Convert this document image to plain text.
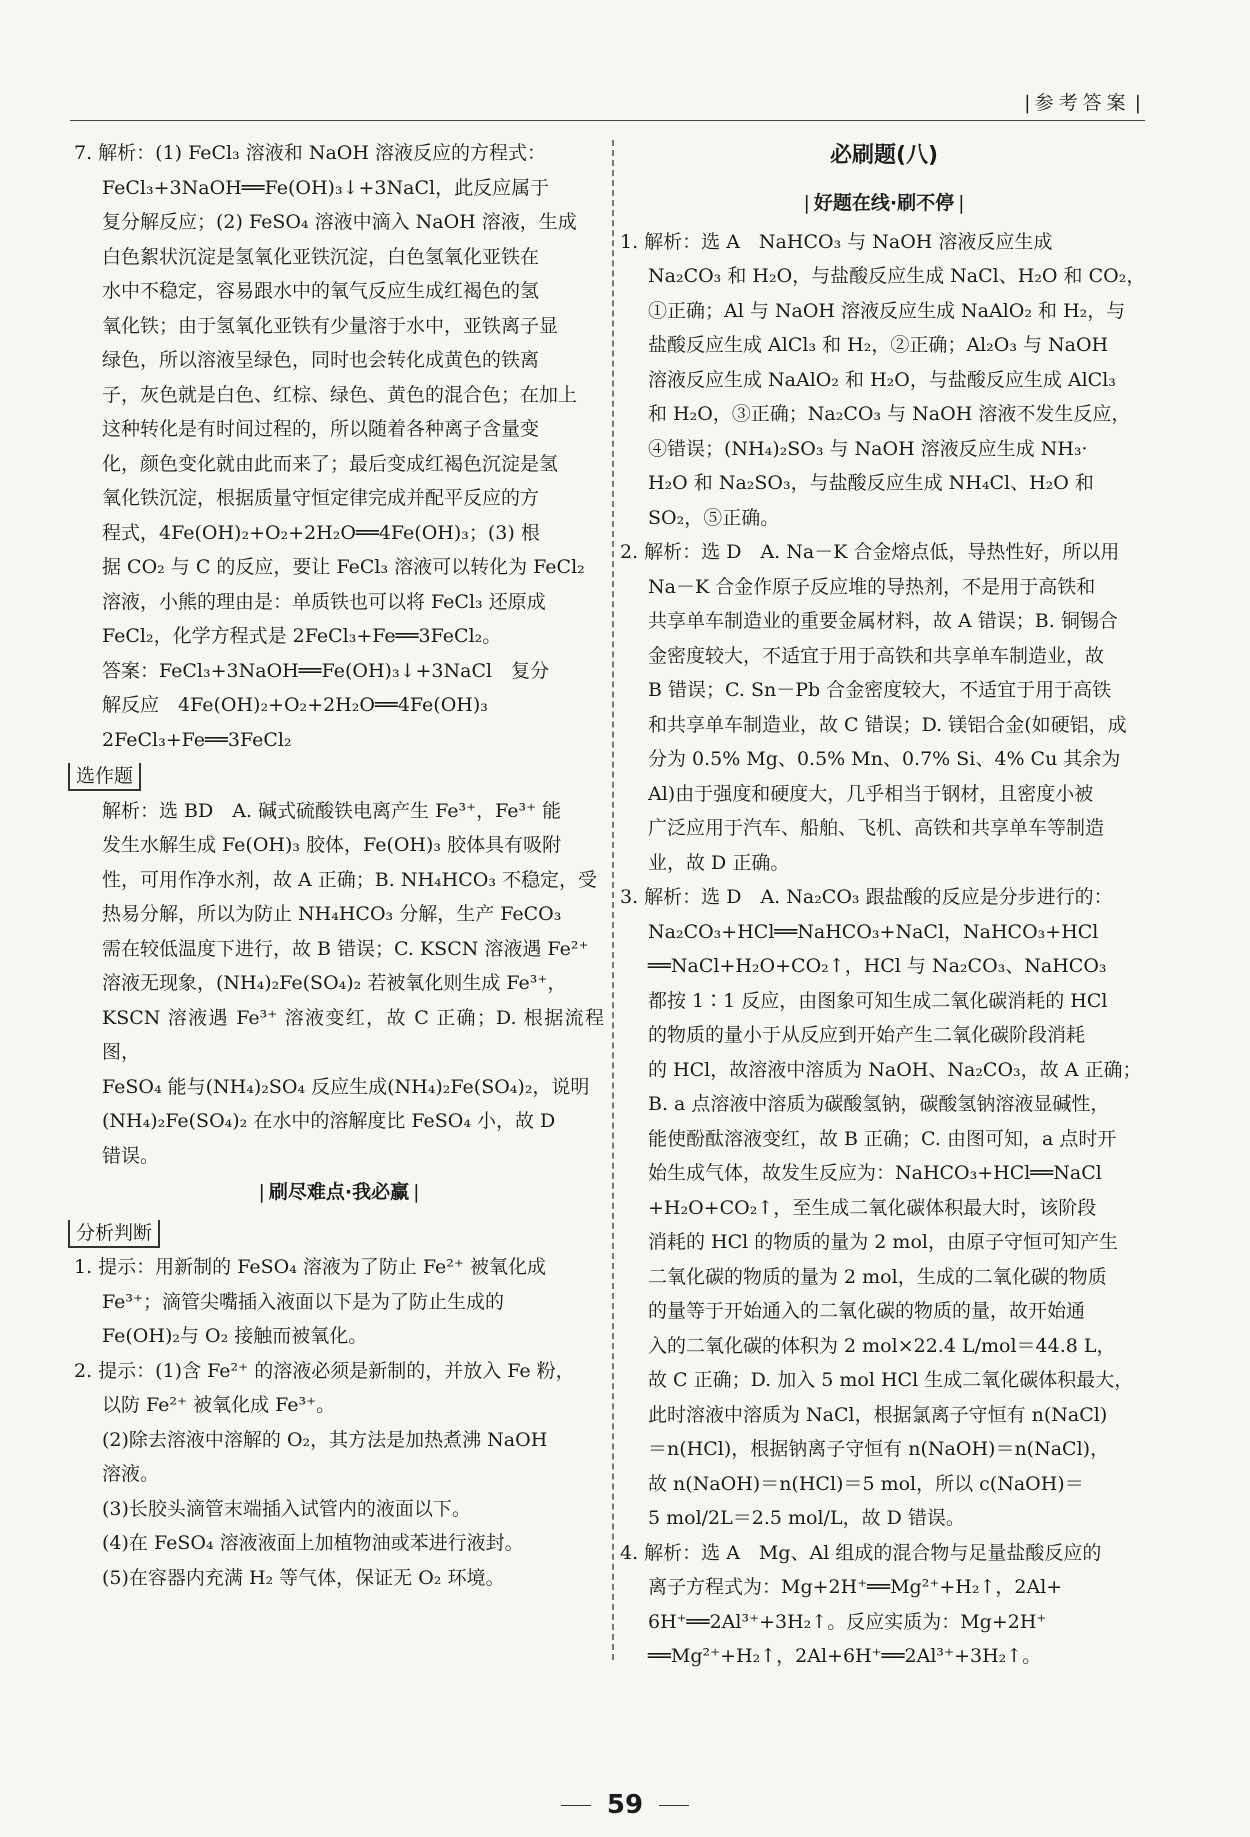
| 参考答案 |

7. 解析：(1) FeCl₃ 溶液和 NaOH 溶液反应的方程式：

FeCl₃+3NaOH══Fe(OH)₃↓+3NaCl，此反应属于

复分解反应；(2) FeSO₄ 溶液中滴入 NaOH 溶液，生成

白色絮状沉淀是氢氧化亚铁沉淀，白色氢氧化亚铁在

水中不稳定，容易跟水中的氧气反应生成红褐色的氢

氧化铁；由于氢氧化亚铁有少量溶于水中，亚铁离子显

绿色，所以溶液呈绿色，同时也会转化成黄色的铁离

子，灰色就是白色、红棕、绿色、黄色的混合色；在加上

这种转化是有时间过程的，所以随着各种离子含量变

化，颜色变化就由此而来了；最后变成红褐色沉淀是氢

氧化铁沉淀，根据质量守恒定律完成并配平反应的方

程式，4Fe(OH)₂+O₂+2H₂O══4Fe(OH)₃；(3) 根

据 CO₂ 与 C 的反应，要让 FeCl₃ 溶液可以转化为 FeCl₂

溶液，小熊的理由是：单质铁也可以将 FeCl₃ 还原成

FeCl₂，化学方程式是 2FeCl₃+Fe══3FeCl₂。

答案：FeCl₃+3NaOH══Fe(OH)₃↓+3NaCl　复分

解反应　4Fe(OH)₂+O₂+2H₂O══4Fe(OH)₃

2FeCl₃+Fe══3FeCl₂

选作题

解析：选 BD　A. 碱式硫酸铁电离产生 Fe³⁺，Fe³⁺ 能

发生水解生成 Fe(OH)₃ 胶体，Fe(OH)₃ 胶体具有吸附

性，可用作净水剂，故 A 正确；B. NH₄HCO₃ 不稳定，受

热易分解，所以为防止 NH₄HCO₃ 分解，生产 FeCO₃

需在较低温度下进行，故 B 错误；C. KSCN 溶液遇 Fe²⁺

溶液无现象，(NH₄)₂Fe(SO₄)₂ 若被氧化则生成 Fe³⁺，

KSCN 溶液遇 Fe³⁺ 溶液变红，故 C 正确；D. 根据流程图，

FeSO₄ 能与(NH₄)₂SO₄ 反应生成(NH₄)₂Fe(SO₄)₂，说明

(NH₄)₂Fe(SO₄)₂ 在水中的溶解度比 FeSO₄ 小，故 D

错误。

| 刷尽难点·我必赢 |
分析判断

1. 提示：用新制的 FeSO₄ 溶液为了防止 Fe²⁺ 被氧化成

Fe³⁺；滴管尖嘴插入液面以下是为了防止生成的

Fe(OH)₂与 O₂ 接触而被氧化。

2. 提示：(1)含 Fe²⁺ 的溶液必须是新制的，并放入 Fe 粉，

以防 Fe²⁺ 被氧化成 Fe³⁺。

(2)除去溶液中溶解的 O₂，其方法是加热煮沸 NaOH

溶液。

(3)长胶头滴管末端插入试管内的液面以下。

(4)在 FeSO₄ 溶液液面上加植物油或苯进行液封。

(5)在容器内充满 H₂ 等气体，保证无 O₂ 环境。

必刷题(八)
| 好题在线·刷不停 |

1. 解析：选 A　NaHCO₃ 与 NaOH 溶液反应生成

Na₂CO₃ 和 H₂O，与盐酸反应生成 NaCl、H₂O 和 CO₂，

①正确；Al 与 NaOH 溶液反应生成 NaAlO₂ 和 H₂，与

盐酸反应生成 AlCl₃ 和 H₂，②正确；Al₂O₃ 与 NaOH

溶液反应生成 NaAlO₂ 和 H₂O，与盐酸反应生成 AlCl₃

和 H₂O，③正确；Na₂CO₃ 与 NaOH 溶液不发生反应，

④错误；(NH₄)₂SO₃ 与 NaOH 溶液反应生成 NH₃·

H₂O 和 Na₂SO₃，与盐酸反应生成 NH₄Cl、H₂O 和

SO₂，⑤正确。

2. 解析：选 D　A. Na－K 合金熔点低，导热性好，所以用

Na－K 合金作原子反应堆的导热剂，不是用于高铁和

共享单车制造业的重要金属材料，故 A 错误；B. 铜锡合

金密度较大，不适宜于用于高铁和共享单车制造业，故

B 错误；C. Sn－Pb 合金密度较大，不适宜于用于高铁

和共享单车制造业，故 C 错误；D. 镁铝合金(如硬铝，成

分为 0.5% Mg、0.5% Mn、0.7% Si、4% Cu 其余为

Al)由于强度和硬度大，几乎相当于钢材，且密度小被

广泛应用于汽车、船舶、飞机、高铁和共享单车等制造

业，故 D 正确。

3. 解析：选 D　A. Na₂CO₃ 跟盐酸的反应是分步进行的：

Na₂CO₃+HCl══NaHCO₃+NaCl，NaHCO₃+HCl

══NaCl+H₂O+CO₂↑，HCl 与 Na₂CO₃、NaHCO₃

都按 1∶1 反应，由图象可知生成二氧化碳消耗的 HCl

的物质的量小于从反应到开始产生二氧化碳阶段消耗

的 HCl，故溶液中溶质为 NaOH、Na₂CO₃，故 A 正确；

B. a 点溶液中溶质为碳酸氢钠，碳酸氢钠溶液显碱性，

能使酚酞溶液变红，故 B 正确；C. 由图可知，a 点时开

始生成气体，故发生反应为：NaHCO₃+HCl══NaCl

+H₂O+CO₂↑，至生成二氧化碳体积最大时，该阶段

消耗的 HCl 的物质的量为 2 mol，由原子守恒可知产生

二氧化碳的物质的量为 2 mol，生成的二氧化碳的物质

的量等于开始通入的二氧化碳的物质的量，故开始通

入的二氧化碳的体积为 2 mol×22.4 L/mol＝44.8 L，

故 C 正确；D. 加入 5 mol HCl 生成二氧化碳体积最大，

此时溶液中溶质为 NaCl，根据氯离子守恒有 n(NaCl)

＝n(HCl)，根据钠离子守恒有 n(NaOH)＝n(NaCl)，

故 n(NaOH)＝n(HCl)＝5 mol，所以 c(NaOH)＝

5 mol/2L＝2.5 mol/L，故 D 错误。

4. 解析：选 A　Mg、Al 组成的混合物与足量盐酸反应的

离子方程式为：Mg+2H⁺══Mg²⁺+H₂↑，2Al+

6H⁺══2Al³⁺+3H₂↑。反应实质为：Mg+2H⁺

══Mg²⁺+H₂↑，2Al+6H⁺══2Al³⁺+3H₂↑。

59
